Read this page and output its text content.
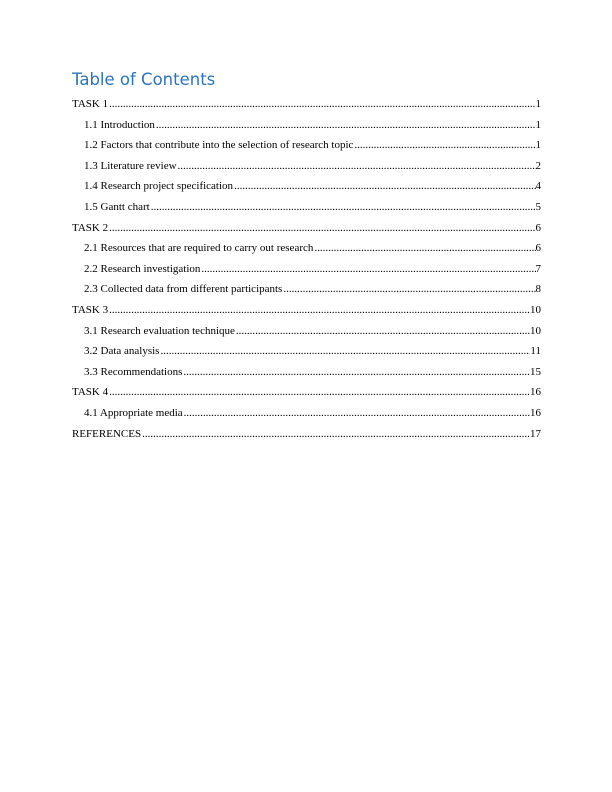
Table of Contents
TASK 1 .....	1
1.1 Introduction .....	1
1.2 Factors that contribute into the selection of research topic .....	1
1.3 Literature review .....	2
1.4 Research project specification .....	4
1.5 Gantt chart .....	5
TASK 2 .....	6
2.1 Resources that are required to carry out research .....	6
2.2 Research investigation .....	7
2.3 Collected data from different participants .....	8
TASK 3 .....	10
3.1 Research evaluation technique .....	10
3.2 Data analysis .....	11
3.3 Recommendations .....	15
TASK 4 .....	16
4.1 Appropriate media .....	16
REFERENCES .....	17
